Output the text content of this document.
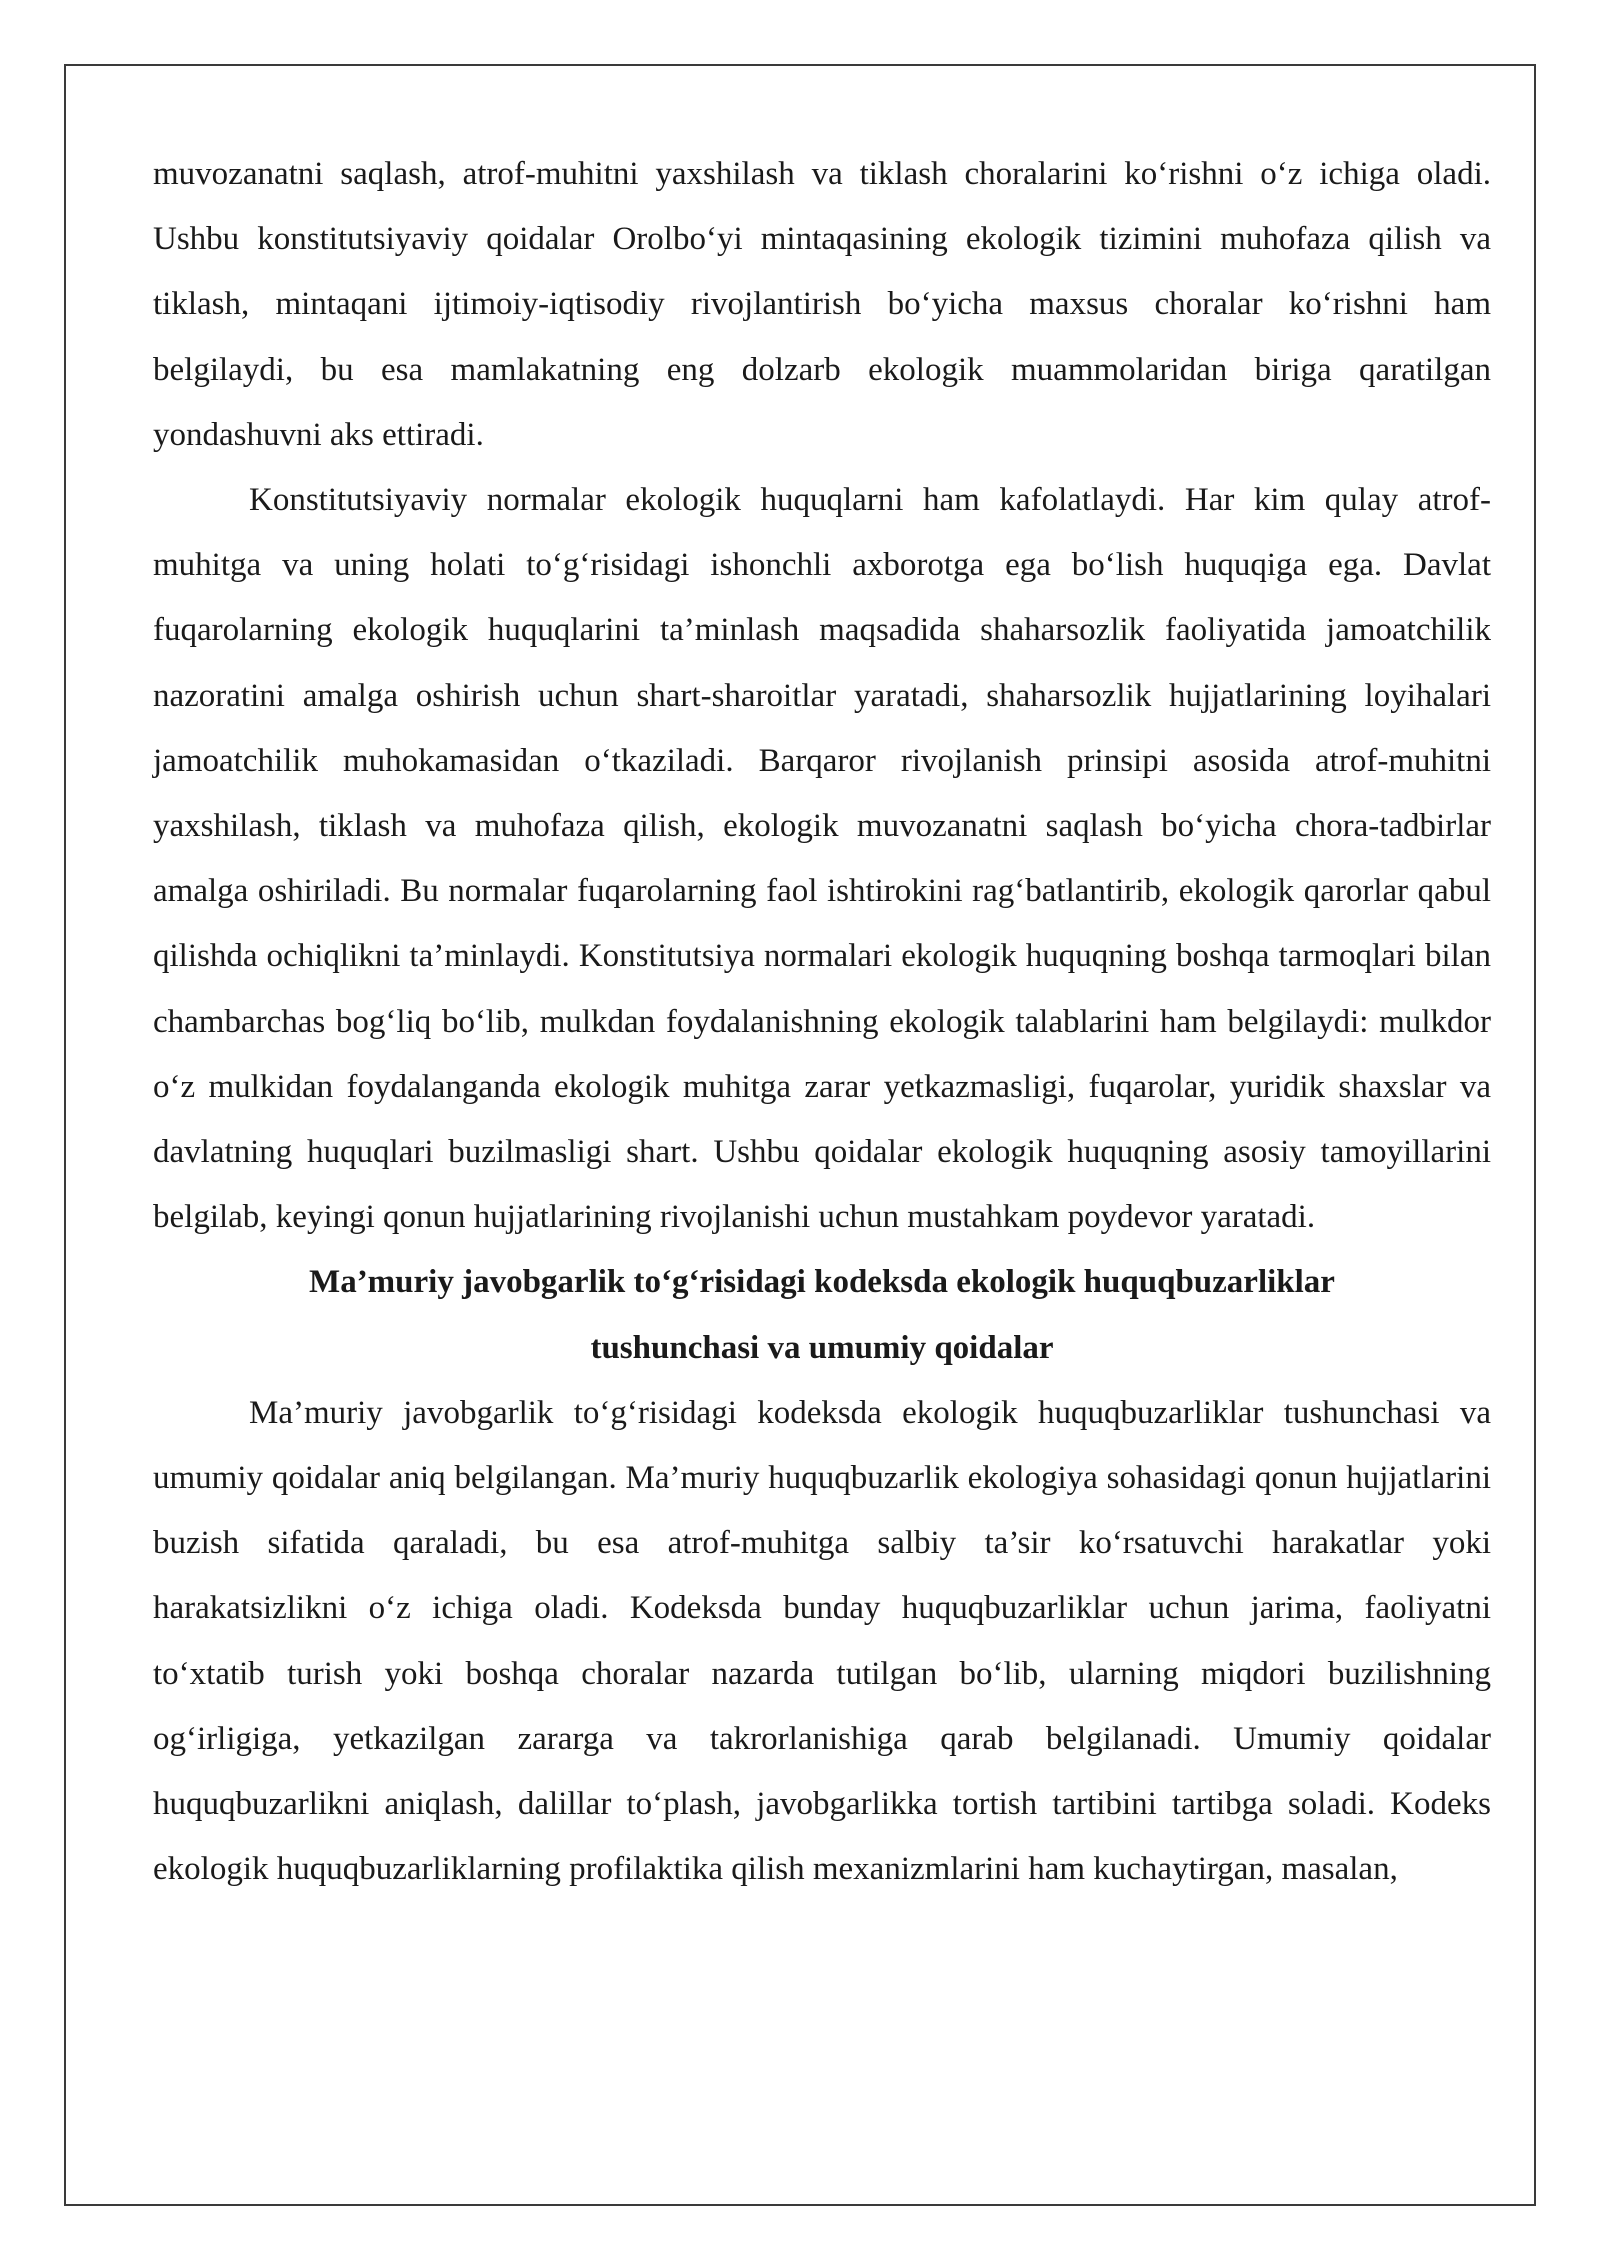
muvozanatni saqlash, atrof-muhitni yaxshilash va tiklash choralarini ko‘rishni o‘z ichiga oladi. Ushbu konstitutsiyaviy qoidalar Orolbo‘yi mintaqasining ekologik tizimini muhofaza qilish va tiklash, mintaqani ijtimoiy-iqtisodiy rivojlantirish bo‘yicha maxsus choralar ko‘rishni ham belgilaydi, bu esa mamlakatning eng dolzarb ekologik muammolaridan biriga qaratilgan yondashuvni aks ettiradi.

Konstitutsiyaviy normalar ekologik huquqlarni ham kafolatlaydi. Har kim qulay atrof-muhitga va uning holati to‘g‘risidagi ishonchli axborotga ega bo‘lish huquqiga ega. Davlat fuqarolarning ekologik huquqlarini ta’minlash maqsadida shaharsozlik faoliyatida jamoatchilik nazoratini amalga oshirish uchun shart-sharoitlar yaratadi, shaharsozlik hujjatlarining loyihalari jamoatchilik muhokamasidan o‘tkaziladi. Barqaror rivojlanish prinsipi asosida atrof-muhitni yaxshilash, tiklash va muhofaza qilish, ekologik muvozanatni saqlash bo‘yicha chora-tadbirlar amalga oshiriladi. Bu normalar fuqarolarning faol ishtirokini rag‘batlantirib, ekologik qarorlar qabul qilishda ochiqlikni ta’minlaydi. Konstitutsiya normalari ekologik huquqning boshqa tarmoqlari bilan chambarchas bog‘liq bo‘lib, mulkdan foydalanishning ekologik talablarini ham belgilaydi: mulkdor o‘z mulkidan foydalanganda ekologik muhitga zarar yetkazmasligi, fuqarolar, yuridik shaxslar va davlatning huquqlari buzilmasligi shart. Ushbu qoidalar ekologik huquqning asosiy tamoyillarini belgilab, keyingi qonun hujjatlarining rivojlanishi uchun mustahkam poydevor yaratadi.

Ma’muriy javobgarlik to‘g‘risidagi kodeksda ekologik huquqbuzarliklar
tushunchasi va umumiy qoidalar

Ma’muriy javobgarlik to‘g‘risidagi kodeksda ekologik huquqbuzarliklar tushunchasi va umumiy qoidalar aniq belgilangan. Ma’muriy huquqbuzarlik ekologiya sohasidagi qonun hujjatlarini buzish sifatida qaraladi, bu esa atrof-muhitga salbiy ta’sir ko‘rsatuvchi harakatlar yoki harakatsizlikni o‘z ichiga oladi. Kodeksda bunday huquqbuzarliklar uchun jarima, faoliyatni to‘xtatib turish yoki boshqa choralar nazarda tutilgan bo‘lib, ularning miqdori buzilishning og‘irligiga, yetkazilgan zararga va takrorlanishiga qarab belgilanadi. Umumiy qoidalar huquqbuzarlikni aniqlash, dalillar to‘plash, javobgarlikka tortish tartibini tartibga soladi. Kodeks ekologik huquqbuzarliklarning profilaktika qilish mexanizmlarini ham kuchaytirgan, masalan,
